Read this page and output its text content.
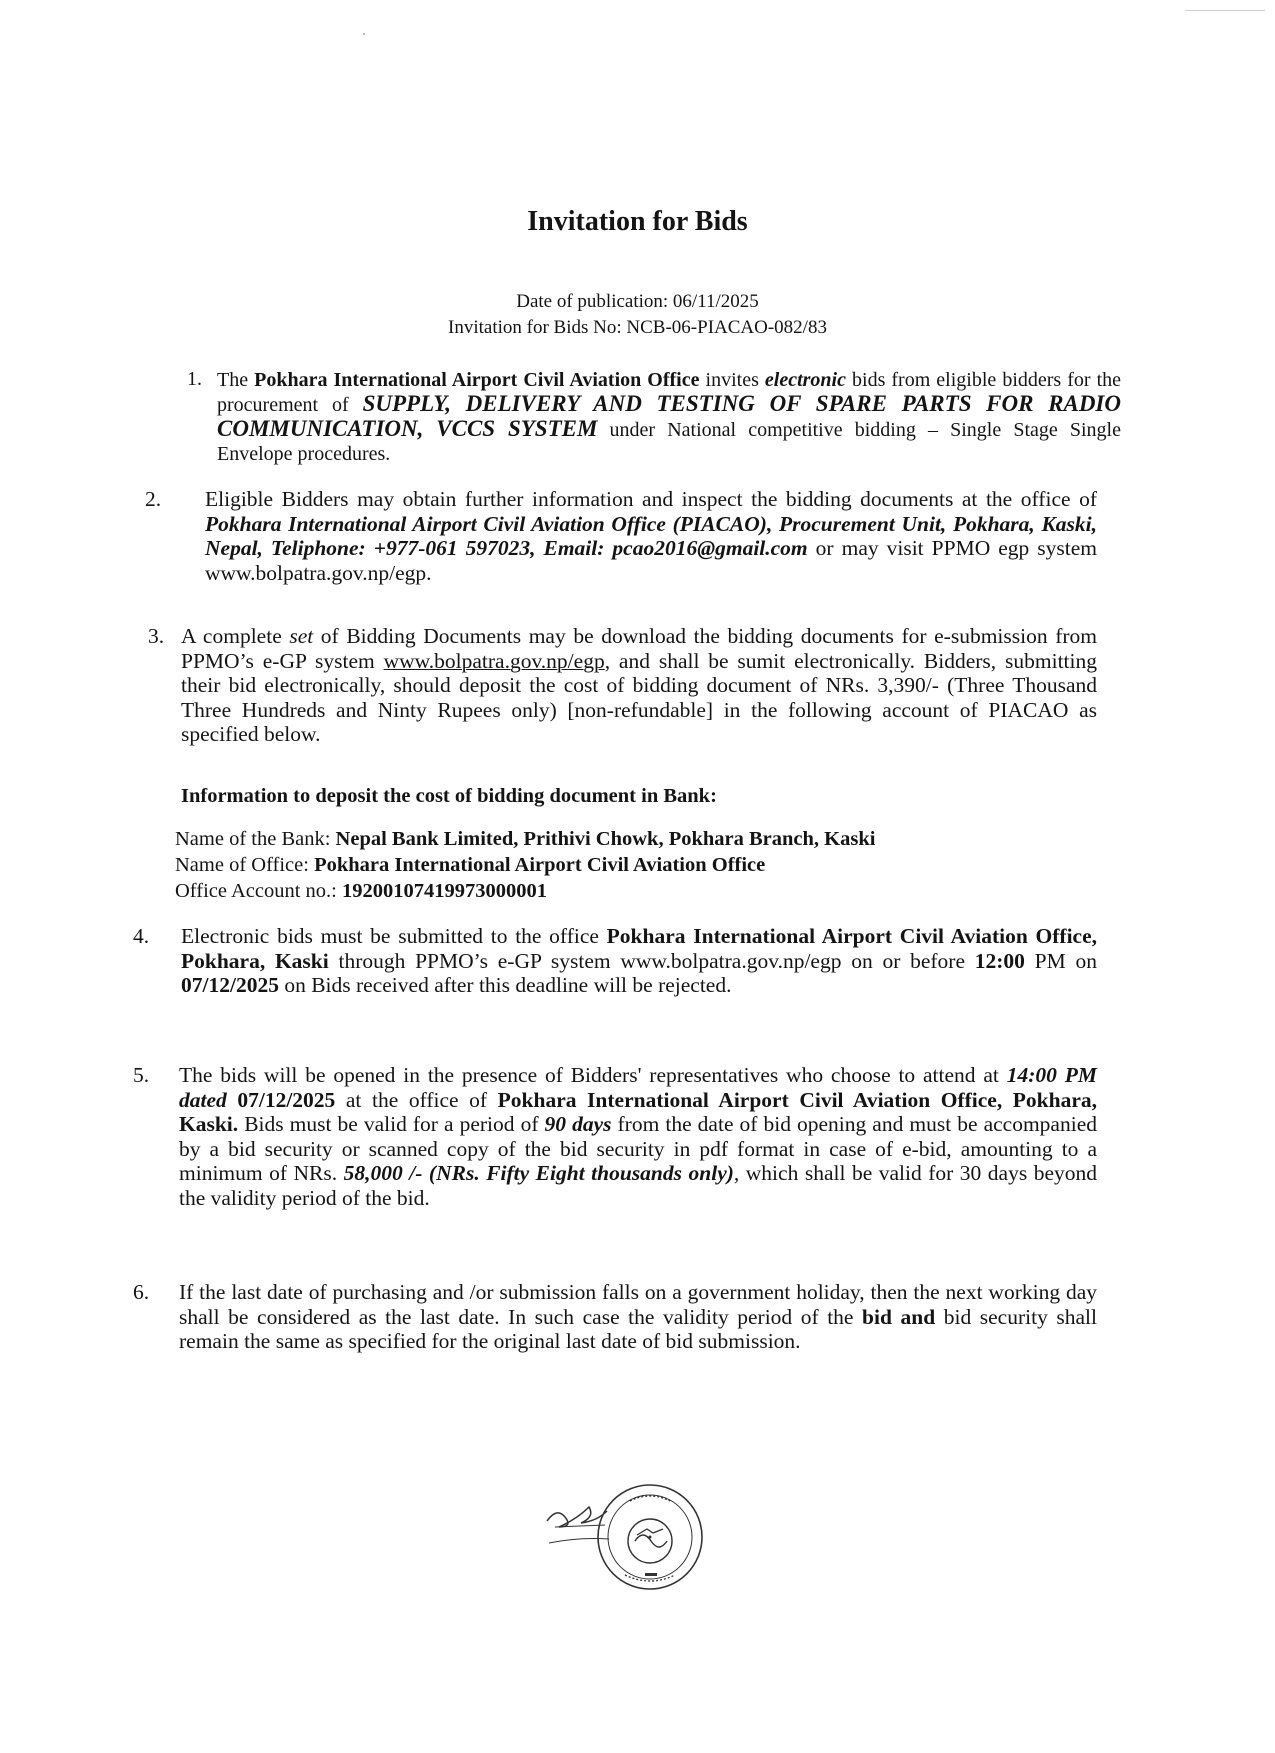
Invitation for Bids
Date of publication: 06/11/2025
Invitation for Bids No: NCB-06-PIACAO-082/83
1. The Pokhara International Airport Civil Aviation Office invites electronic bids from eligible bidders for the procurement of SUPPLY, DELIVERY AND TESTING OF SPARE PARTS FOR RADIO COMMUNICATION, VCCS SYSTEM under National competitive bidding – Single Stage Single Envelope procedures.
2. Eligible Bidders may obtain further information and inspect the bidding documents at the office of Pokhara International Airport Civil Aviation Office (PIACAO), Procurement Unit, Pokhara, Kaski, Nepal, Teliphone: +977-061 597023, Email: pcao2016@gmail.com or may visit PPMO egp system www.bolpatra.gov.np/egp.
3. A complete set of Bidding Documents may be download the bidding documents for e-submission from PPMO’s e-GP system www.bolpatra.gov.np/egp, and shall be sumit electronically. Bidders, submitting their bid electronically, should deposit the cost of bidding document of NRs. 3,390/- (Three Thousand Three Hundreds and Ninty Rupees only) [non-refundable] in the following account of PIACAO as specified below.
Information to deposit the cost of bidding document in Bank:
Name of the Bank: Nepal Bank Limited, Prithivi Chowk, Pokhara Branch, Kaski
Name of Office: Pokhara International Airport Civil Aviation Office
Office Account no.: 19200107419973000001
4. Electronic bids must be submitted to the office Pokhara International Airport Civil Aviation Office, Pokhara, Kaski through PPMO’s e-GP system www.bolpatra.gov.np/egp on or before 12:00 PM on 07/12/2025 on Bids received after this deadline will be rejected.
5. The bids will be opened in the presence of Bidders' representatives who choose to attend at 14:00 PM dated 07/12/2025 at the office of Pokhara International Airport Civil Aviation Office, Pokhara, Kaski. Bids must be valid for a period of 90 days from the date of bid opening and must be accompanied by a bid security or scanned copy of the bid security in pdf format in case of e-bid, amounting to a minimum of NRs. 58,000 /- (NRs. Fifty Eight thousands only), which shall be valid for 30 days beyond the validity period of the bid.
6. If the last date of purchasing and /or submission falls on a government holiday, then the next working day shall be considered as the last date. In such case the validity period of the bid and bid security shall remain the same as specified for the original last date of bid submission.
